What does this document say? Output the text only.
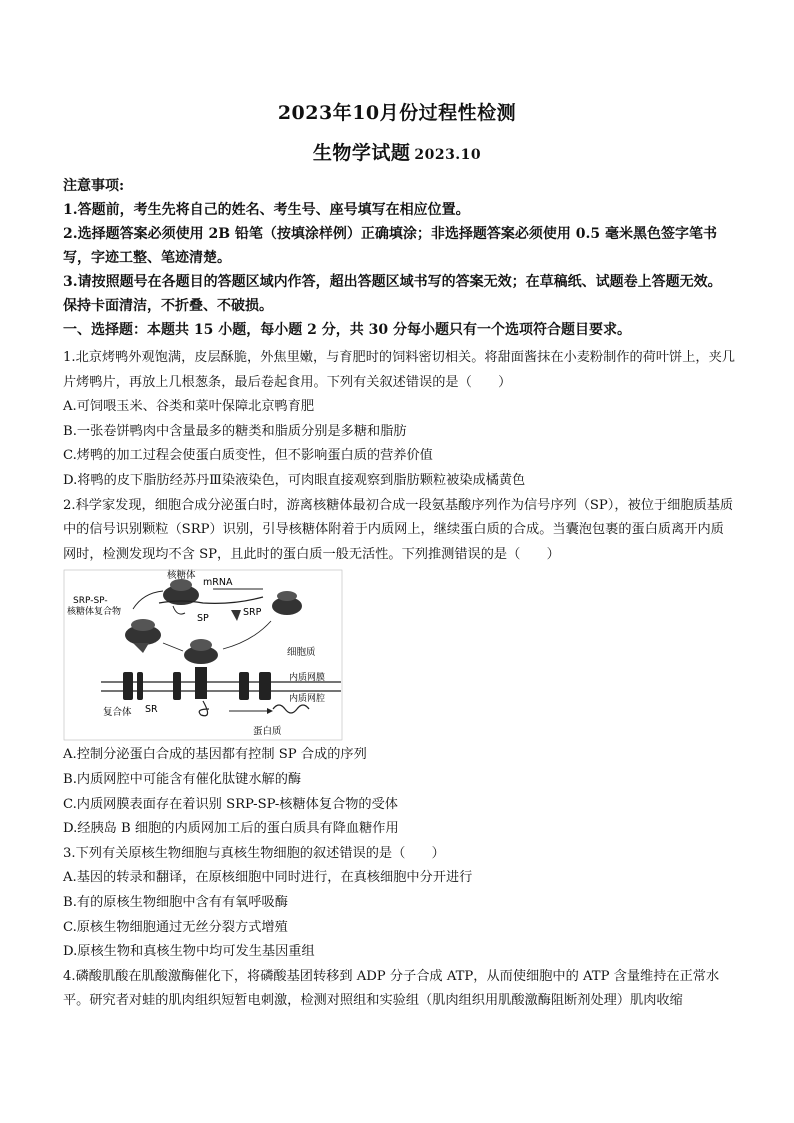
2023年10月份过程性检测
生物学试题 2023.10

注意事项:

1.答题前，考生先将自己的姓名、考生号、座号填写在相应位置。

2.选择题答案必须使用 2B 铅笔（按填涂样例）正确填涂；非选择题答案必须使用 0.5 毫米黑色签字笔书写，字迹工整、笔迹清楚。

3.请按照题号在各题目的答题区域内作答，超出答题区域书写的答案无效；在草稿纸、试题卷上答题无效。保持卡面清洁，不折叠、不破损。

一、选择题：本题共 15 小题，每小题 2 分，共 30 分每小题只有一个选项符合题目要求。

1.北京烤鸭外观饱满，皮层酥脆，外焦里嫩，与育肥时的饲料密切相关。将甜面酱抹在小麦粉制作的荷叶饼上，夹几片烤鸭片，再放上几根葱条，最后卷起食用。下列有关叙述错误的是（　　）

A.可饲喂玉米、谷类和菜叶保障北京鸭育肥

B.一张卷饼鸭肉中含量最多的糖类和脂质分别是多糖和脂肪

C.烤鸭的加工过程会使蛋白质变性，但不影响蛋白质的营养价值

D.将鸭的皮下脂肪经苏丹Ⅲ染液染色，可肉眼直接观察到脂肪颗粒被染成橘黄色

2.科学家发现，细胞合成分泌蛋白时，游离核糖体最初合成一段氨基酸序列作为信号序列（SP），被位于细胞质基质中的信号识别颗粒（SRP）识别，引导核糖体附着于内质网上，继续蛋白质的合成。当囊泡包裹的蛋白质离开内质网时，检测发现均不含 SP，且此时的蛋白质一般无活性。下列推测错误的是（　　）

核糖体
mRNA
SRP-SP- 核糖体复合物
SP
SRP
细胞质
内质网膜
内质网腔
复合体 SR
蛋白质

A.控制分泌蛋白合成的基因都有控制 SP 合成的序列

B.内质网腔中可能含有催化肽键水解的酶

C.内质网膜表面存在着识别 SRP-SP-核糖体复合物的受体

D.经胰岛 B 细胞的内质网加工后的蛋白质具有降血糖作用

3.下列有关原核生物细胞与真核生物细胞的叙述错误的是（　　）

A.基因的转录和翻译，在原核细胞中同时进行，在真核细胞中分开进行

B.有的原核生物细胞中含有有氧呼吸酶

C.原核生物细胞通过无丝分裂方式增殖

D.原核生物和真核生物中均可发生基因重组

4.磷酸肌酸在肌酸激酶催化下，将磷酸基团转移到 ADP 分子合成 ATP，从而使细胞中的 ATP 含量维持在正常水平。研究者对蛙的肌肉组织短暂电刺激，检测对照组和实验组（肌肉组织用肌酸激酶阻断剂处理）肌肉收缩
